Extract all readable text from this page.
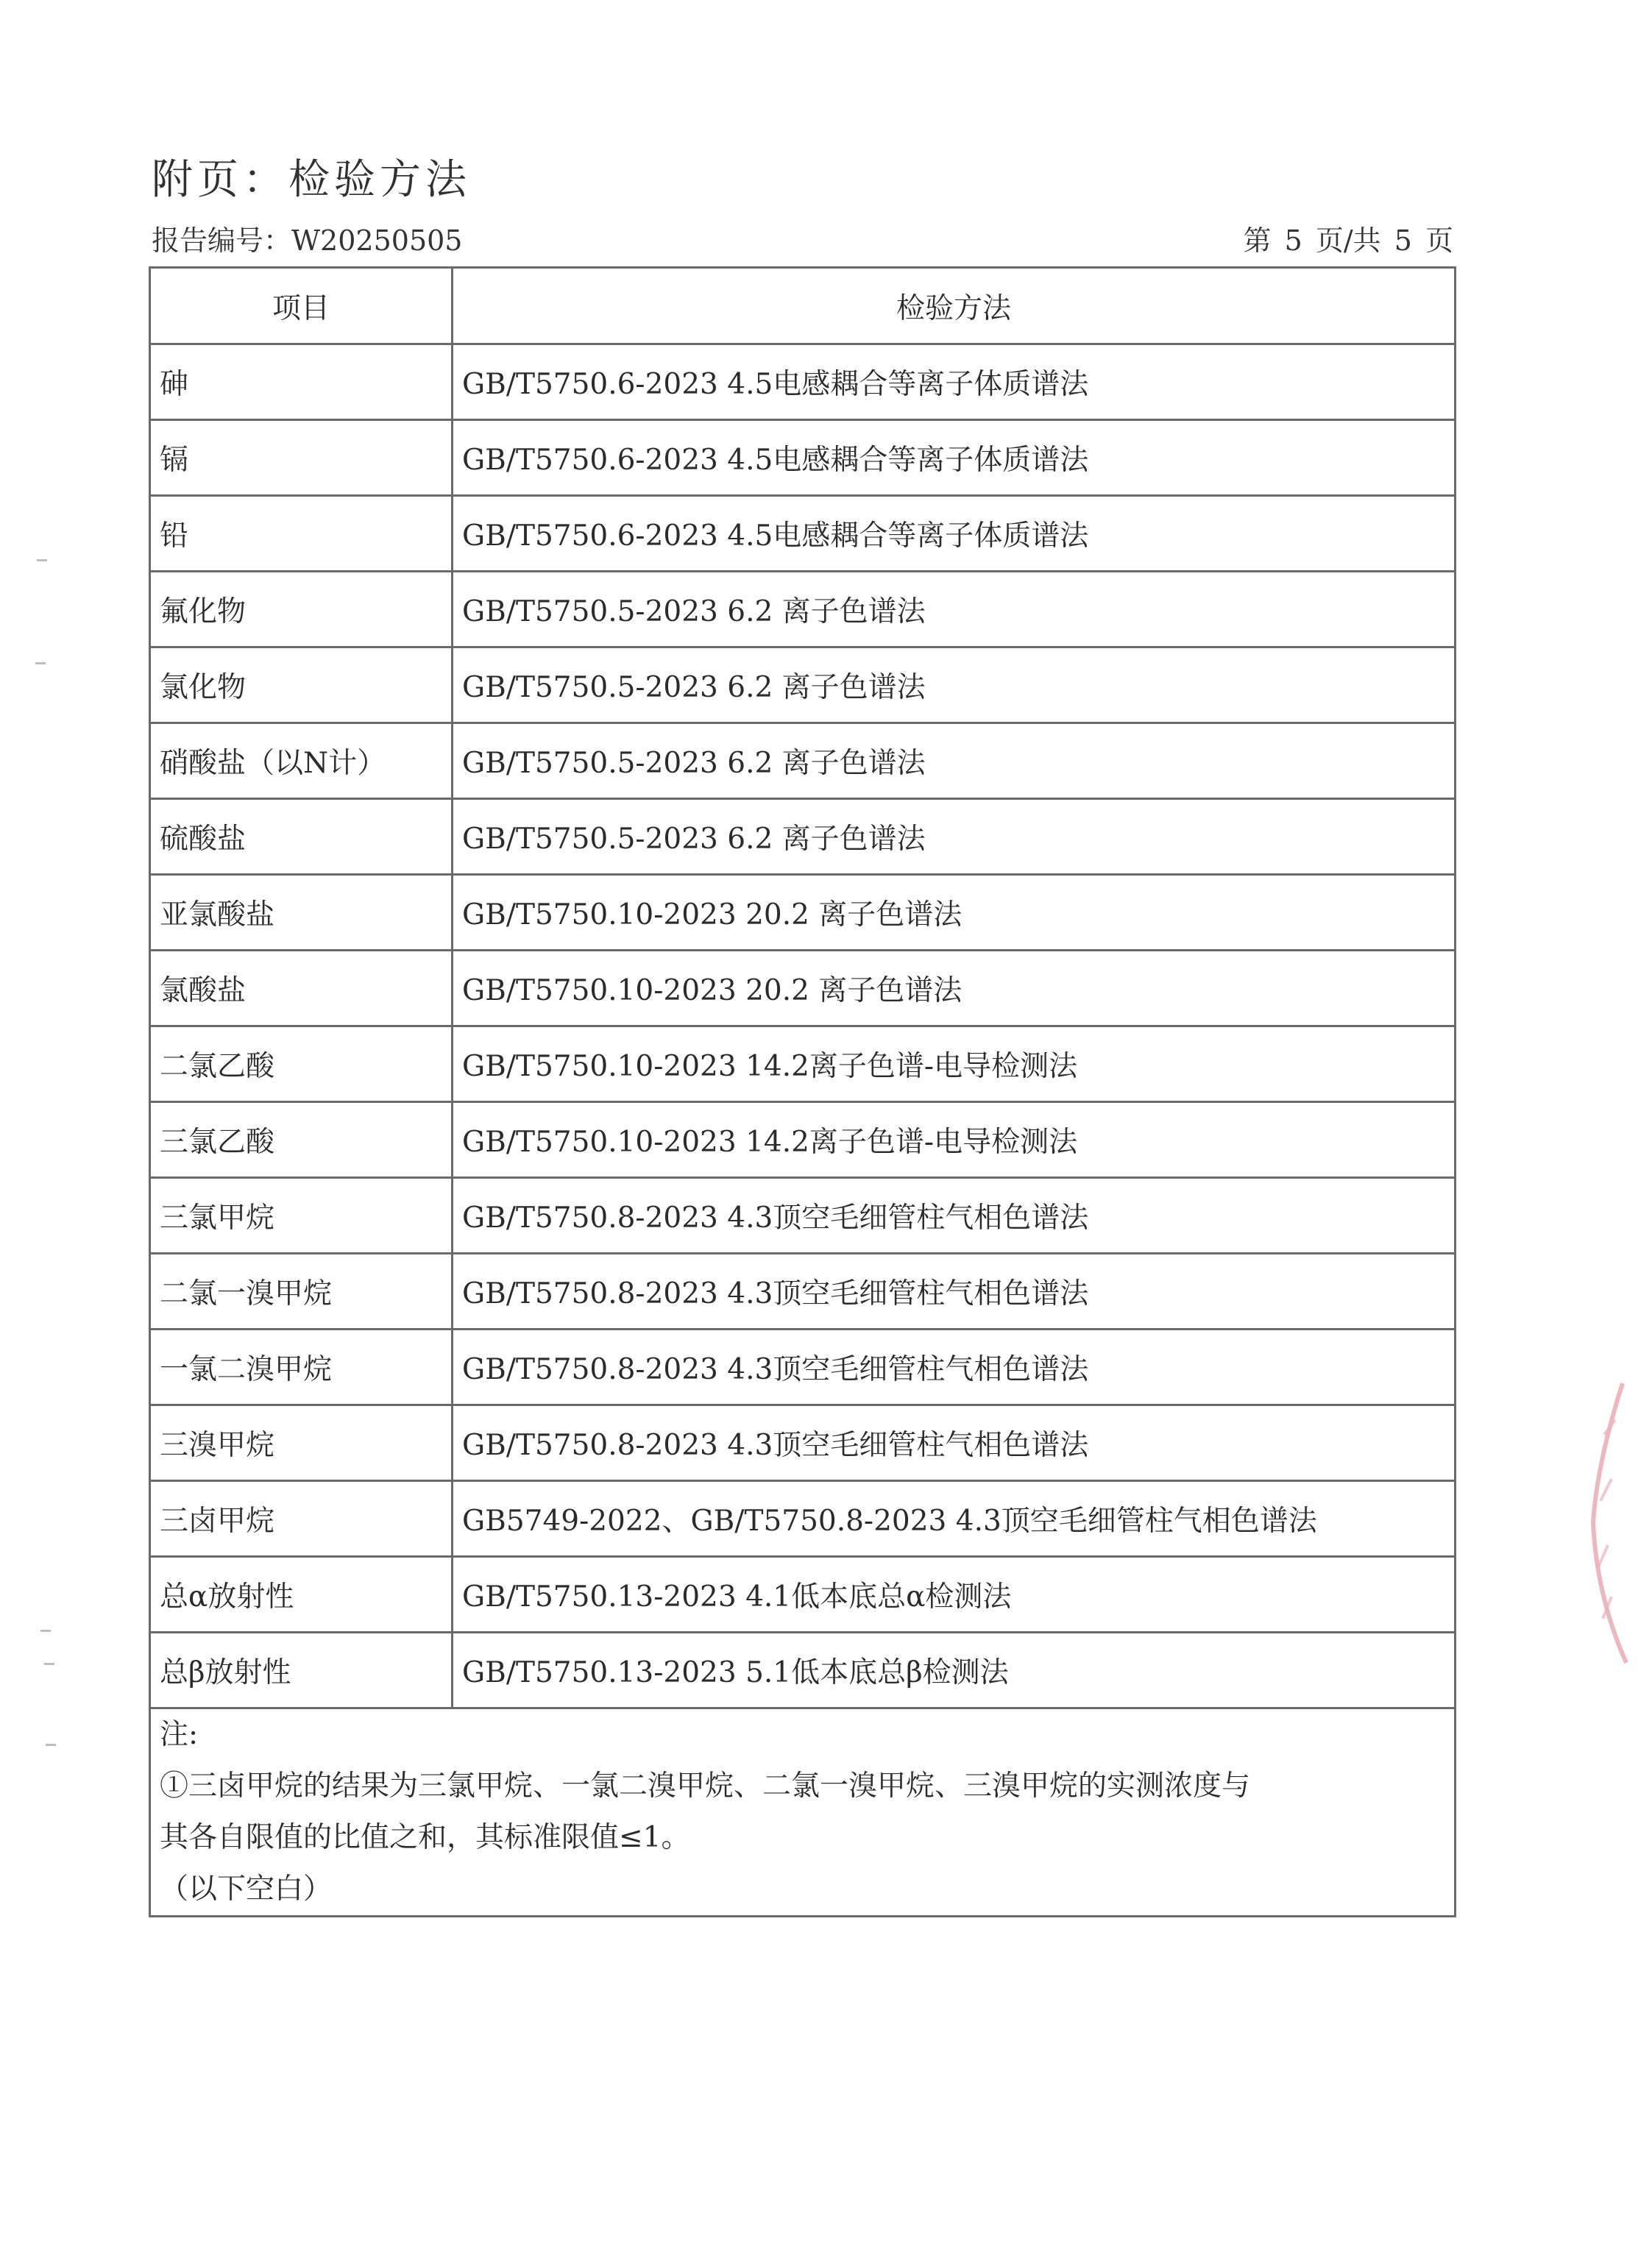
附页：检验方法
报告编号：W20250505	第 5 页/共 5 页
项目	检验方法
砷	GB/T5750.6-2023 4.5电感耦合等离子体质谱法
镉	GB/T5750.6-2023 4.5电感耦合等离子体质谱法
铅	GB/T5750.6-2023 4.5电感耦合等离子体质谱法
氟化物	GB/T5750.5-2023 6.2 离子色谱法
氯化物	GB/T5750.5-2023 6.2 离子色谱法
硝酸盐（以N计）	GB/T5750.5-2023 6.2 离子色谱法
硫酸盐	GB/T5750.5-2023 6.2 离子色谱法
亚氯酸盐	GB/T5750.10-2023 20.2 离子色谱法
氯酸盐	GB/T5750.10-2023 20.2 离子色谱法
二氯乙酸	GB/T5750.10-2023 14.2离子色谱-电导检测法
三氯乙酸	GB/T5750.10-2023 14.2离子色谱-电导检测法
三氯甲烷	GB/T5750.8-2023 4.3顶空毛细管柱气相色谱法
二氯一溴甲烷	GB/T5750.8-2023 4.3顶空毛细管柱气相色谱法
一氯二溴甲烷	GB/T5750.8-2023 4.3顶空毛细管柱气相色谱法
三溴甲烷	GB/T5750.8-2023 4.3顶空毛细管柱气相色谱法
三卤甲烷	GB5749-2022、GB/T5750.8-2023 4.3顶空毛细管柱气相色谱法
总α放射性	GB/T5750.13-2023 4.1低本底总α检测法
总β放射性	GB/T5750.13-2023 5.1低本底总β检测法

注:
①三卤甲烷的结果为三氯甲烷、一氯二溴甲烷、二氯一溴甲烷、三溴甲烷的实测浓度与
其各自限值的比值之和，其标准限值≤1。
（以下空白）	
